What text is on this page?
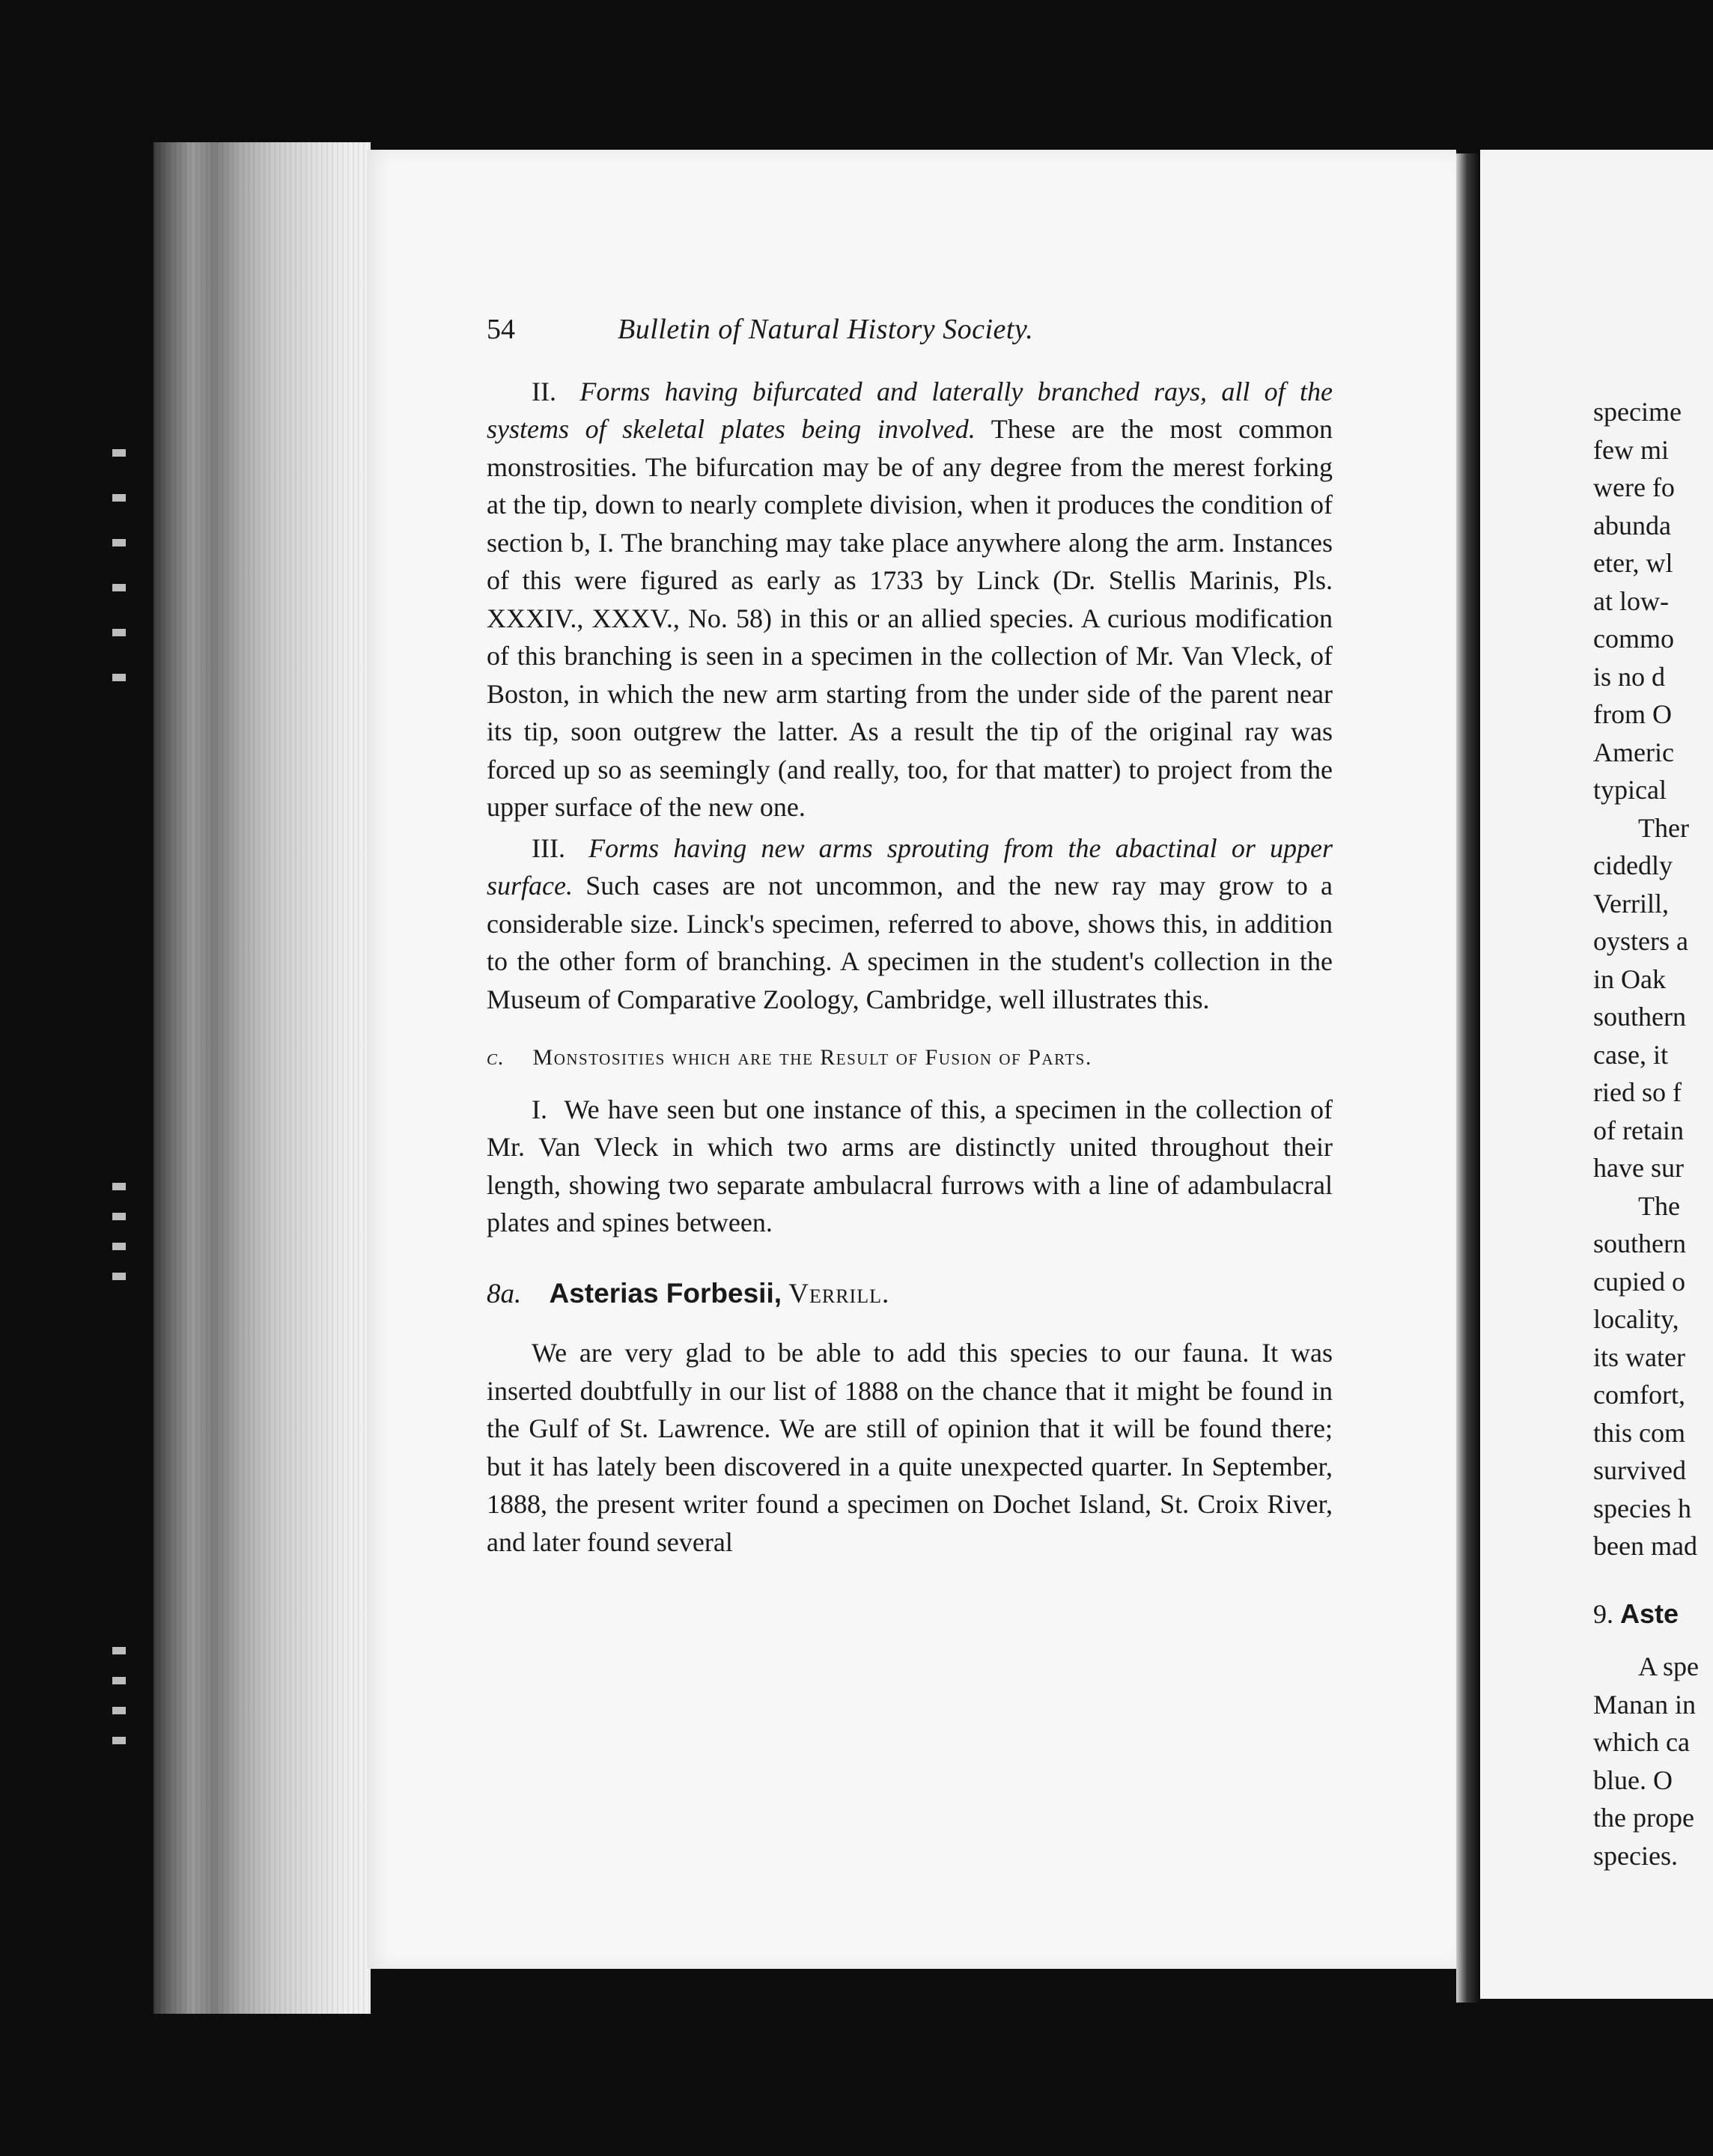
54	Bulletin of Natural History Society.

II. Forms having bifurcated and laterally branched rays, all of the systems of skeletal plates being involved. These are the most common monstrosities. The bifurcation may be of any degree from the merest forking at the tip, down to nearly complete division, when it produces the condition of section b, I. The branching may take place anywhere along the arm. Instances of this were figured as early as 1733 by Linck (Dr. Stellis Marinis, Pls. XXXIV., XXXV., No. 58) in this or an allied species. A curious modification of this branching is seen in a specimen in the collection of Mr. Van Vleck, of Boston, in which the new arm starting from the under side of the parent near its tip, soon outgrew the latter. As a result the tip of the original ray was forced up so as seemingly (and really, too, for that matter) to project from the upper surface of the new one.

III. Forms having new arms sprouting from the abactinal or upper surface. Such cases are not uncommon, and the new ray may grow to a considerable size. Linck's specimen, referred to above, shows this, in addition to the other form of branching. A specimen in the student's collection in the Museum of Comparative Zoology, Cambridge, well illustrates this.

c. Monstosities which are the Result of Fusion of Parts.

I. We have seen but one instance of this, a specimen in the collection of Mr. Van Vleck in which two arms are distinctly united throughout their length, showing two separate ambulacral furrows with a line of adambulacral plates and spines between.

8a. Asterias Forbesii, Verrill.

We are very glad to be able to add this species to our fauna. It was inserted doubtfully in our list of 1888 on the chance that it might be found in the Gulf of St. Lawrence. We are still of opinion that it will be found there; but it has lately been discovered in a quite unexpected quarter. In September, 1888, the present writer found a specimen on Dochet Island, St. Croix River, and later found several

specime
few mi
were fo
abunda
eter, wl
at low-
commo
is no d
from O
Americ
typical
Ther
cidedly
Verrill,
oysters a
in Oak
southern
case, it
ried so f
of retain
have sur
The
southern
cupied o
locality,
its water
comfort,
this com
survived
species h
been mad
9. Aste
A spe
Manan in
which ca
blue. O
the prope
species.
